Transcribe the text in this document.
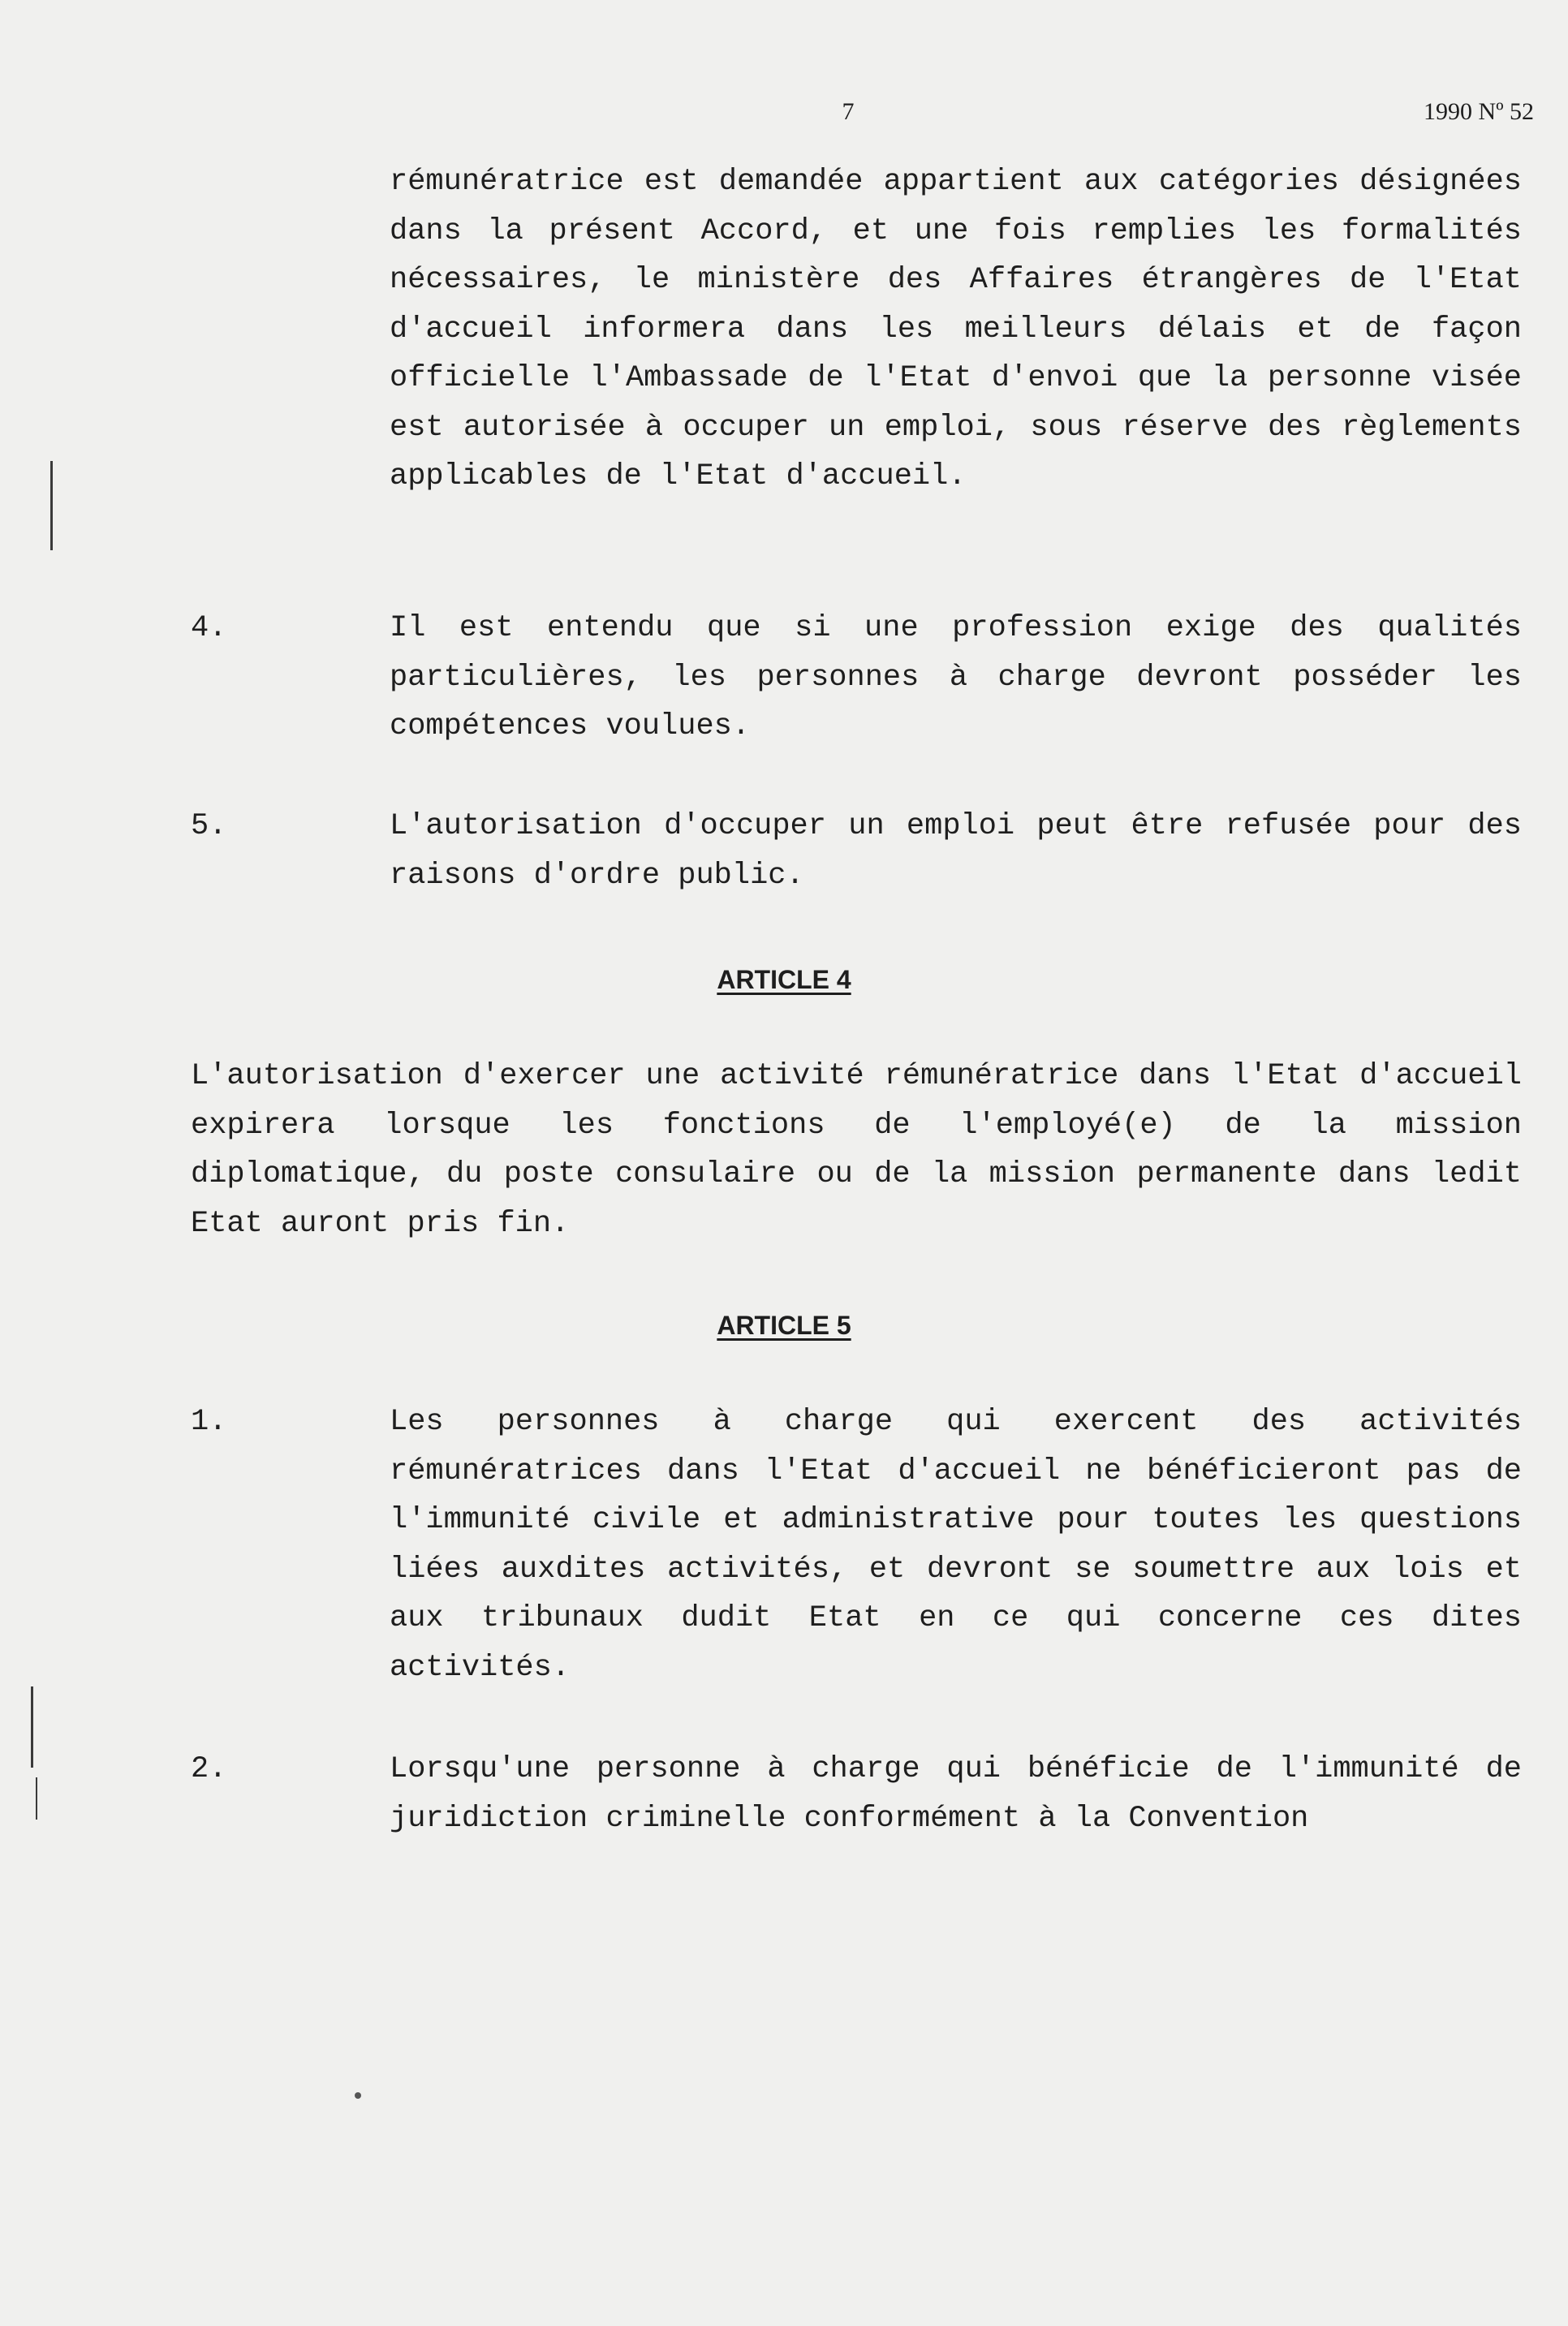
7	1990 Nº 52

rémunératrice est demandée appartient aux catégories désignées dans la présent Accord, et une fois remplies les formalités nécessaires, le ministère des Affaires étrangères de l'Etat d'accueil informera dans les meilleurs délais et de façon officielle l'Ambassade de l'Etat d'envoi que la personne visée est autorisée à occuper un emploi, sous réserve des règlements applicables de l'Etat d'accueil.

4.	Il est entendu que si une profession exige des qualités particulières, les personnes à charge devront posséder les compétences voulues.

5.	L'autorisation d'occuper un emploi peut être refusée pour des raisons d'ordre public.

ARTICLE 4

L'autorisation d'exercer une activité rémunératrice dans l'Etat d'accueil expirera lorsque les fonctions de l'employé(e) de la mission diplomatique, du poste consulaire ou de la mission permanente dans ledit Etat auront pris fin.

ARTICLE 5
1.	Les personnes à charge qui exercent des activités rémunératrices dans l'Etat d'accueil ne bénéficieront pas de l'immunité civile et administrative pour toutes les questions liées auxdites activités, et devront se soumettre aux lois et aux tribunaux dudit Etat en ce qui concerne ces dites activités.

2.	Lorsqu'une personne à charge qui bénéficie de l'immunité de juridiction criminelle conformément à la Convention
